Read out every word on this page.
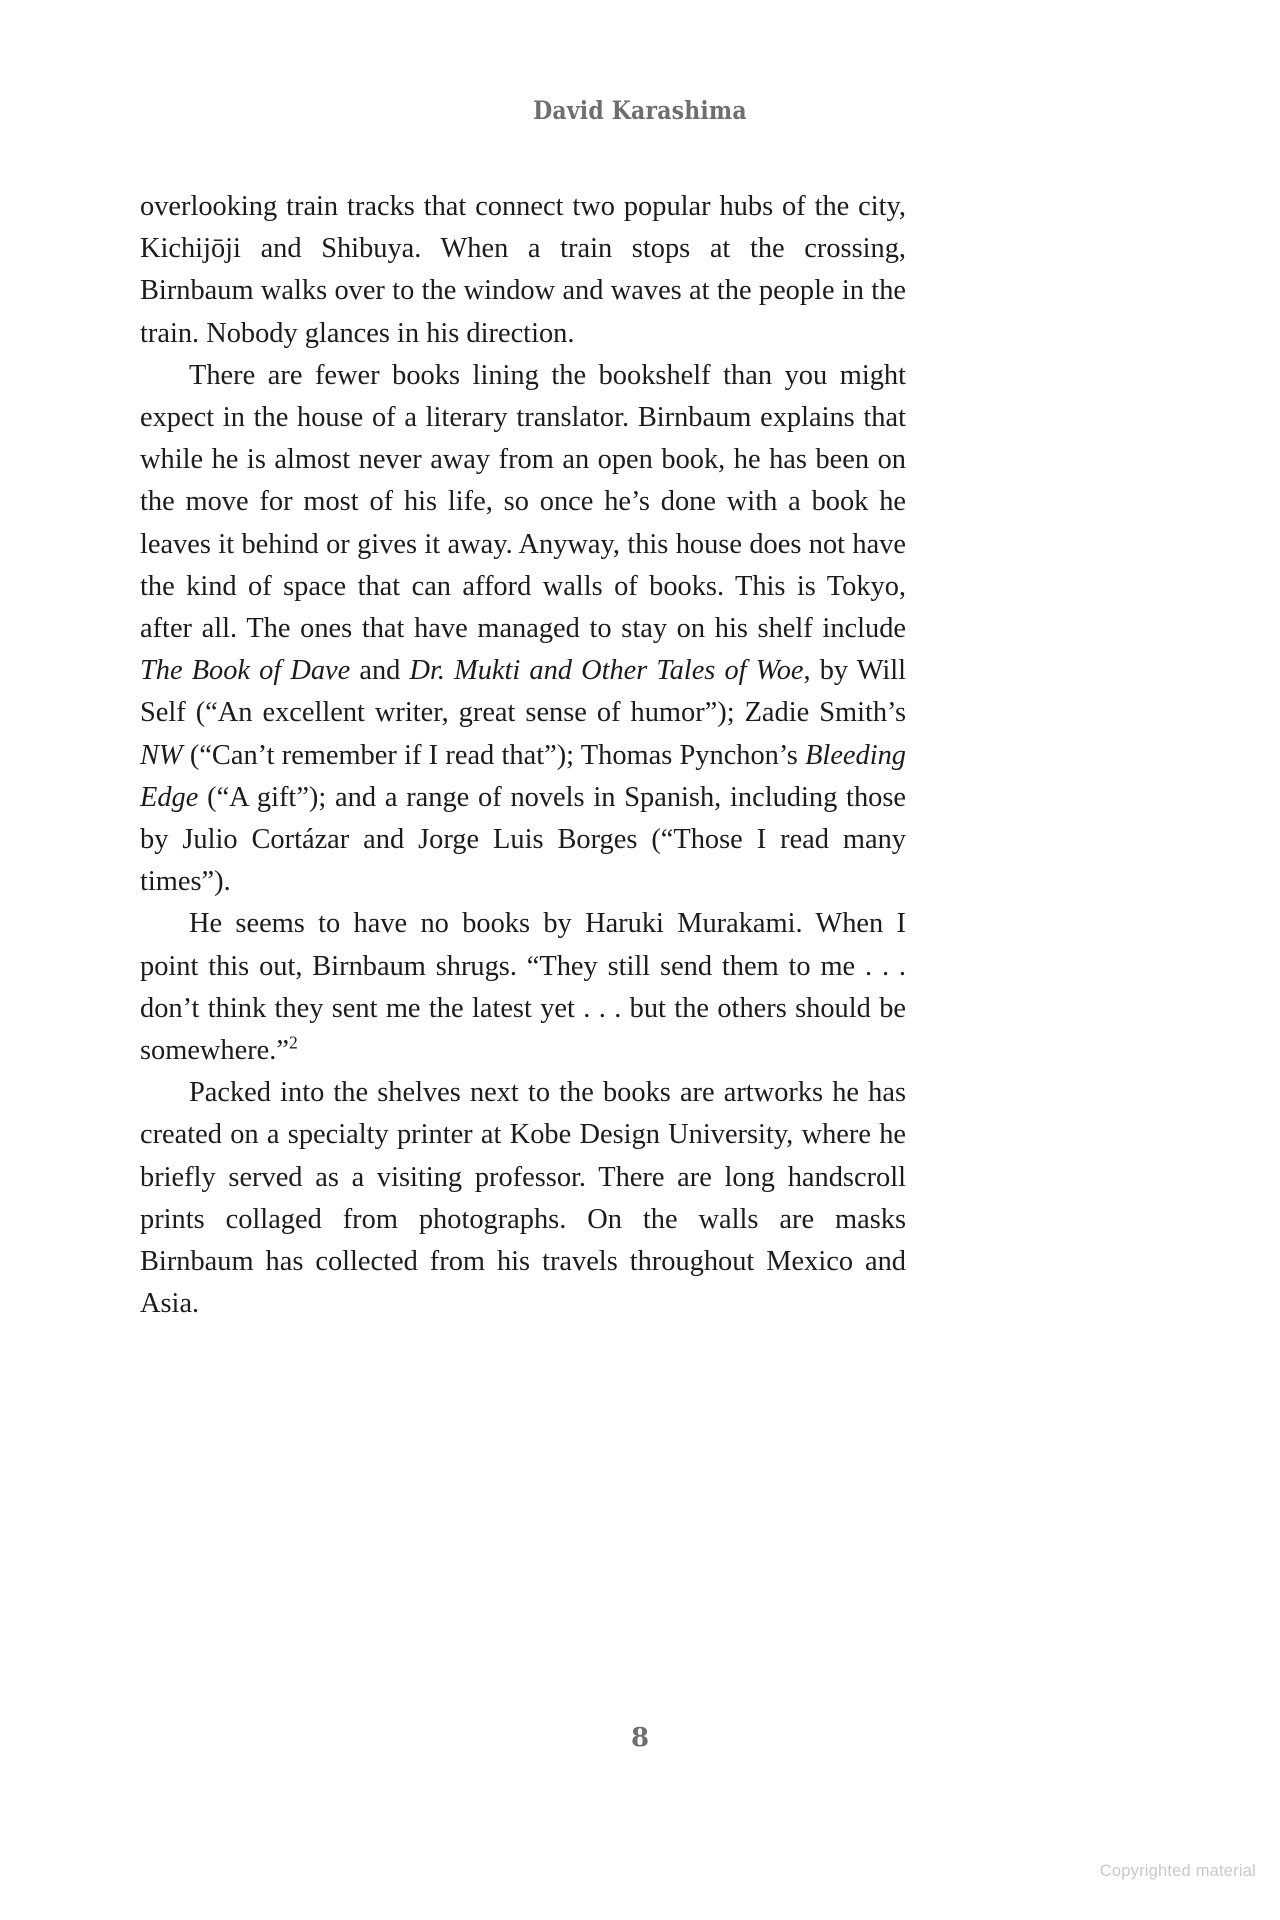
David Karashima

overlooking train tracks that connect two popular hubs of the city, Kichijōji and Shibuya. When a train stops at the crossing, Birnbaum walks over to the window and waves at the people in the train. Nobody glances in his direction.

There are fewer books lining the bookshelf than you might expect in the house of a literary translator. Birnbaum explains that while he is almost never away from an open book, he has been on the move for most of his life, so once he’s done with a book he leaves it behind or gives it away. Anyway, this house does not have the kind of space that can afford walls of books. This is Tokyo, after all. The ones that have managed to stay on his shelf include The Book of Dave and Dr. Mukti and Other Tales of Woe, by Will Self (“An excellent writer, great sense of humor”); Zadie Smith’s NW (“Can’t remember if I read that”); Thomas Pynchon’s Bleeding Edge (“A gift”); and a range of novels in Spanish, including those by Julio Cortázar and Jorge Luis Borges (“Those I read many times”).

He seems to have no books by Haruki Murakami. When I point this out, Birnbaum shrugs. “They still send them to me . . . don’t think they sent me the latest yet . . . but the others should be somewhere.”$^2$

Packed into the shelves next to the books are artworks he has created on a specialty printer at Kobe Design University, where he briefly served as a visiting professor. There are long handscroll prints collaged from photographs. On the walls are masks Birnbaum has collected from his travels throughout Mexico and Asia.

8
Copyrighted material
